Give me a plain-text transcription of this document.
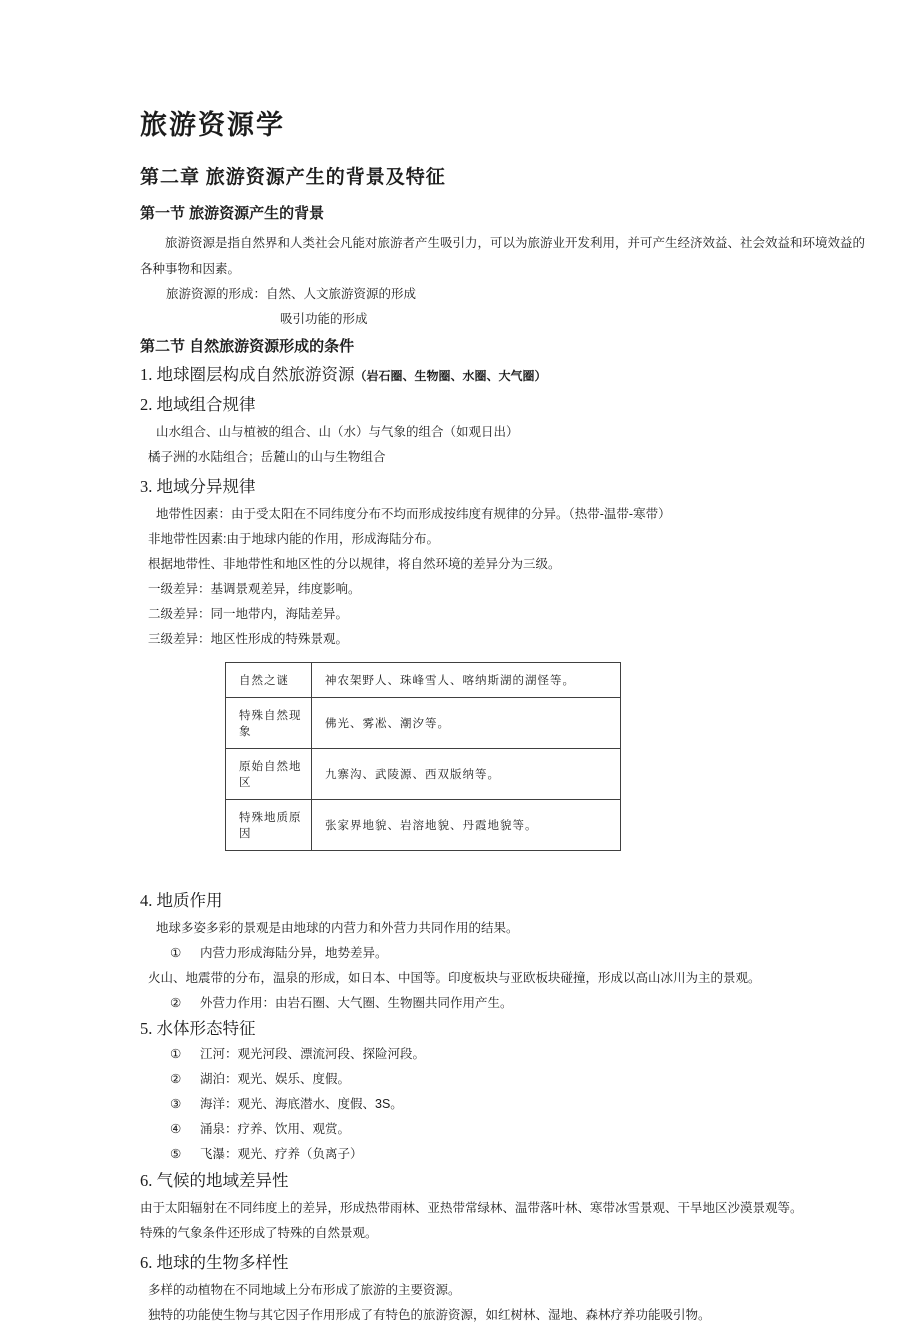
旅游资源学
第二章 旅游资源产生的背景及特征
第一节 旅游资源产生的背景

旅游资源是指自然界和人类社会凡能对旅游者产生吸引力，可以为旅游业开发利用，并可产生经济效益、社会效益和环境效益的各种事物和因素。

旅游资源的形成：自然、人文旅游资源的形成

吸引功能的形成

第二节 自然旅游资源形成的条件
1. 地球圈层构成自然旅游资源（岩石圈、生物圈、水圈、大气圈）
2. 地域组合规律

山水组合、山与植被的组合、山（水）与气象的组合（如观日出）

橘子洲的水陆组合；岳麓山的山与生物组合

3. 地域分异规律

地带性因素：由于受太阳在不同纬度分布不均而形成按纬度有规律的分异。（热带-温带-寒带）

非地带性因素:由于地球内能的作用，形成海陆分布。

根据地带性、非地带性和地区性的分以规律，将自然环境的差异分为三级。

一级差异：基调景观差异，纬度影响。

二级差异：同一地带内，海陆差异。

三级差异：地区性形成的特殊景观。

自然之谜	神农架野人、珠峰雪人、喀纳斯湖的湖怪等。
特殊自然现象	佛光、雾凇、潮汐等。
原始自然地区	九寨沟、武陵源、西双版纳等。
特殊地质原因	张家界地貌、岩溶地貌、丹霞地貌等。
4. 地质作用

地球多姿多彩的景观是由地球的内营力和外营力共同作用的结果。

①	内营力形成海陆分异，地势差异。

火山、地震带的分布，温泉的形成，如日本、中国等。印度板块与亚欧板块碰撞，形成以高山冰川为主的景观。

②	外营力作用：由岩石圈、大气圈、生物圈共同作用产生。
5. 水体形态特征
①	江河：观光河段、漂流河段、探险河段。
②	湖泊：观光、娱乐、度假。
③	海洋：观光、海底潜水、度假、3S。
④	涌泉：疗养、饮用、观赏。
⑤	飞瀑：观光、疗养（负离子）
6. 气候的地域差异性

由于太阳辐射在不同纬度上的差异，形成热带雨林、亚热带常绿林、温带落叶林、寒带冰雪景观、干旱地区沙漠景观等。

特殊的气象条件还形成了特殊的自然景观。

6. 地球的生物多样性

多样的动植物在不同地域上分布形成了旅游的主要资源。

独特的功能使生物与其它因子作用形成了有特色的旅游资源，如红树林、湿地、森林疗养功能吸引物。
